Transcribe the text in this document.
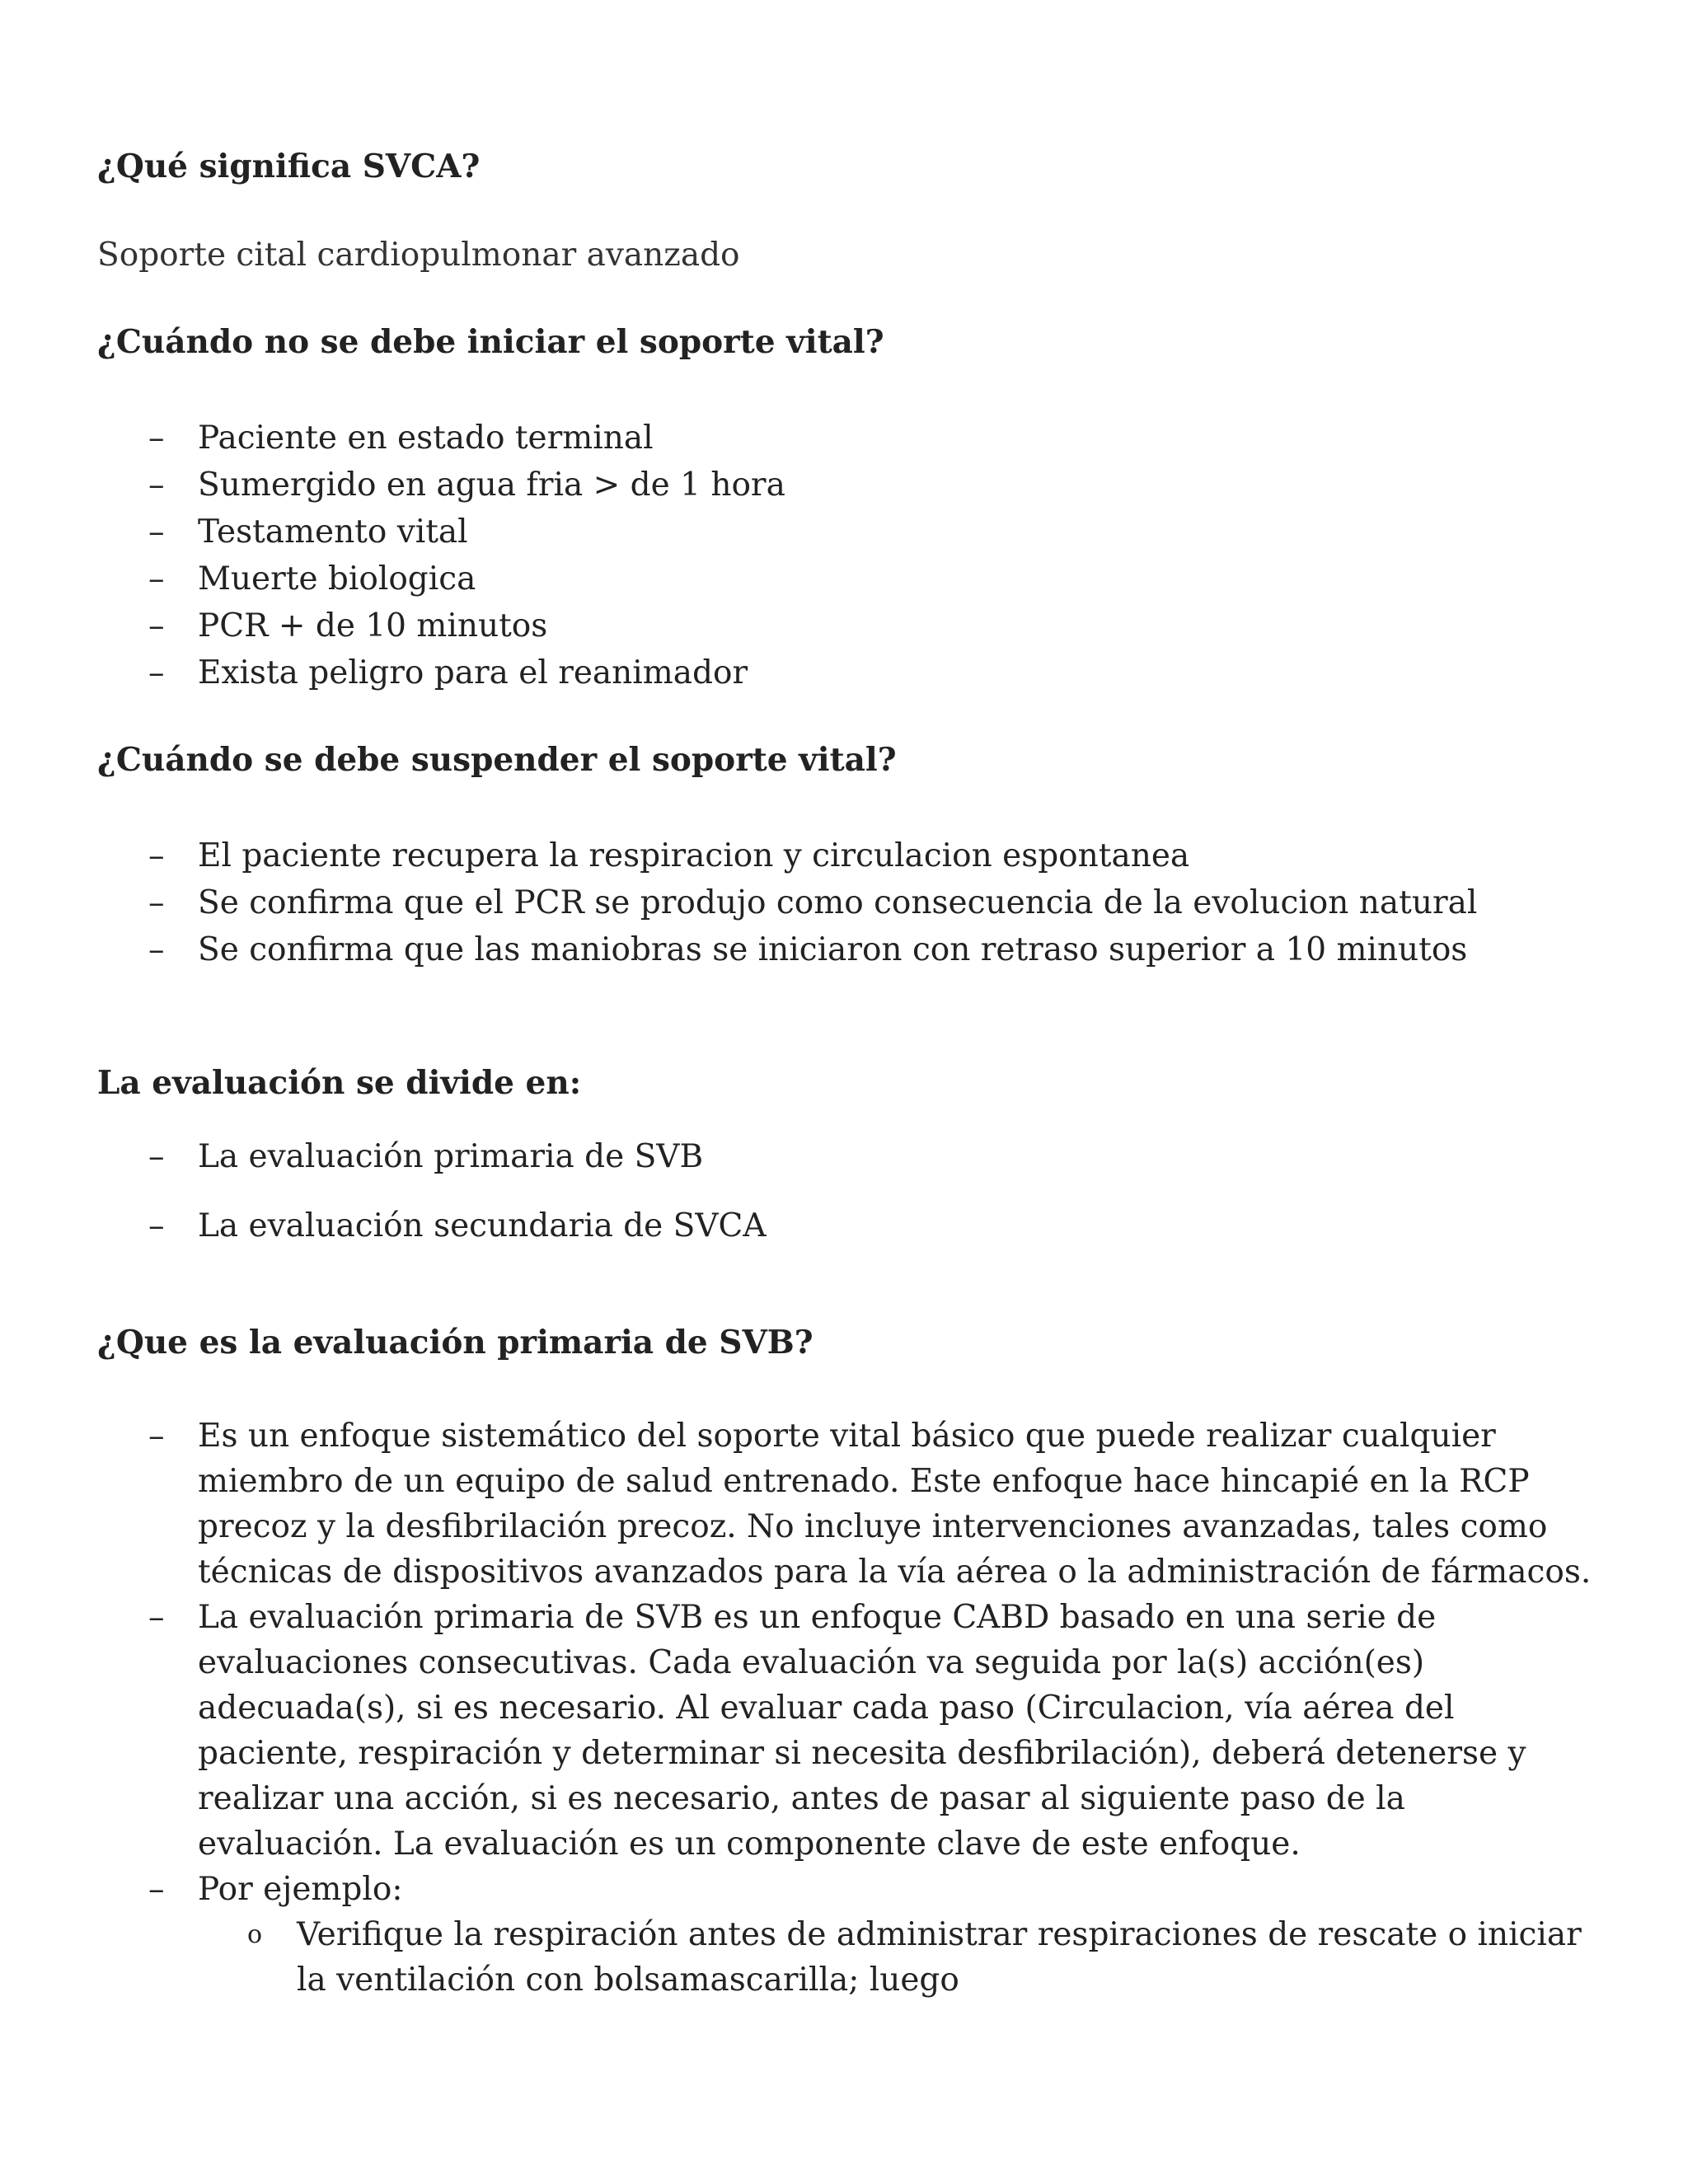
¿Qué significa SVCA?

Soporte cital cardiopulmonar avanzado

¿Cuándo no se debe iniciar el soporte vital?

– Paciente en estado terminal
– Sumergido en agua fria > de 1 hora
– Testamento vital
– Muerte biologica
– PCR + de 10 minutos
– Exista peligro para el reanimador

¿Cuándo se debe suspender el soporte vital?

– El paciente recupera la respiracion y circulacion espontanea
– Se confirma que el PCR se produjo como consecuencia de la evolucion natural
– Se confirma que las maniobras se iniciaron con retraso superior a 10 minutos

La evaluación se divide en:

– La evaluación primaria de SVB
– La evaluación secundaria de SVCA

¿Que es la evaluación primaria de SVB?

– Es un enfoque sistemático del soporte vital básico que puede realizar cualquier miembro de un equipo de salud entrenado. Este enfoque hace hincapié en la RCP precoz y la desfibrilación precoz. No incluye intervenciones avanzadas, tales como técnicas de dispositivos avanzados para la vía aérea o la administración de fármacos.
– La evaluación primaria de SVB es un enfoque CABD basado en una serie de evaluaciones consecutivas. Cada evaluación va seguida por la(s) acción(es) adecuada(s), si es necesario. Al evaluar cada paso (Circulacion, vía aérea del paciente, respiración y determinar si necesita desfibrilación), deberá detenerse y realizar una acción, si es necesario, antes de pasar al siguiente paso de la evaluación. La evaluación es un componente clave de este enfoque.
– Por ejemplo:
o Verifique la respiración antes de administrar respiraciones de rescate o iniciar la ventilación con bolsamascarilla; luego
